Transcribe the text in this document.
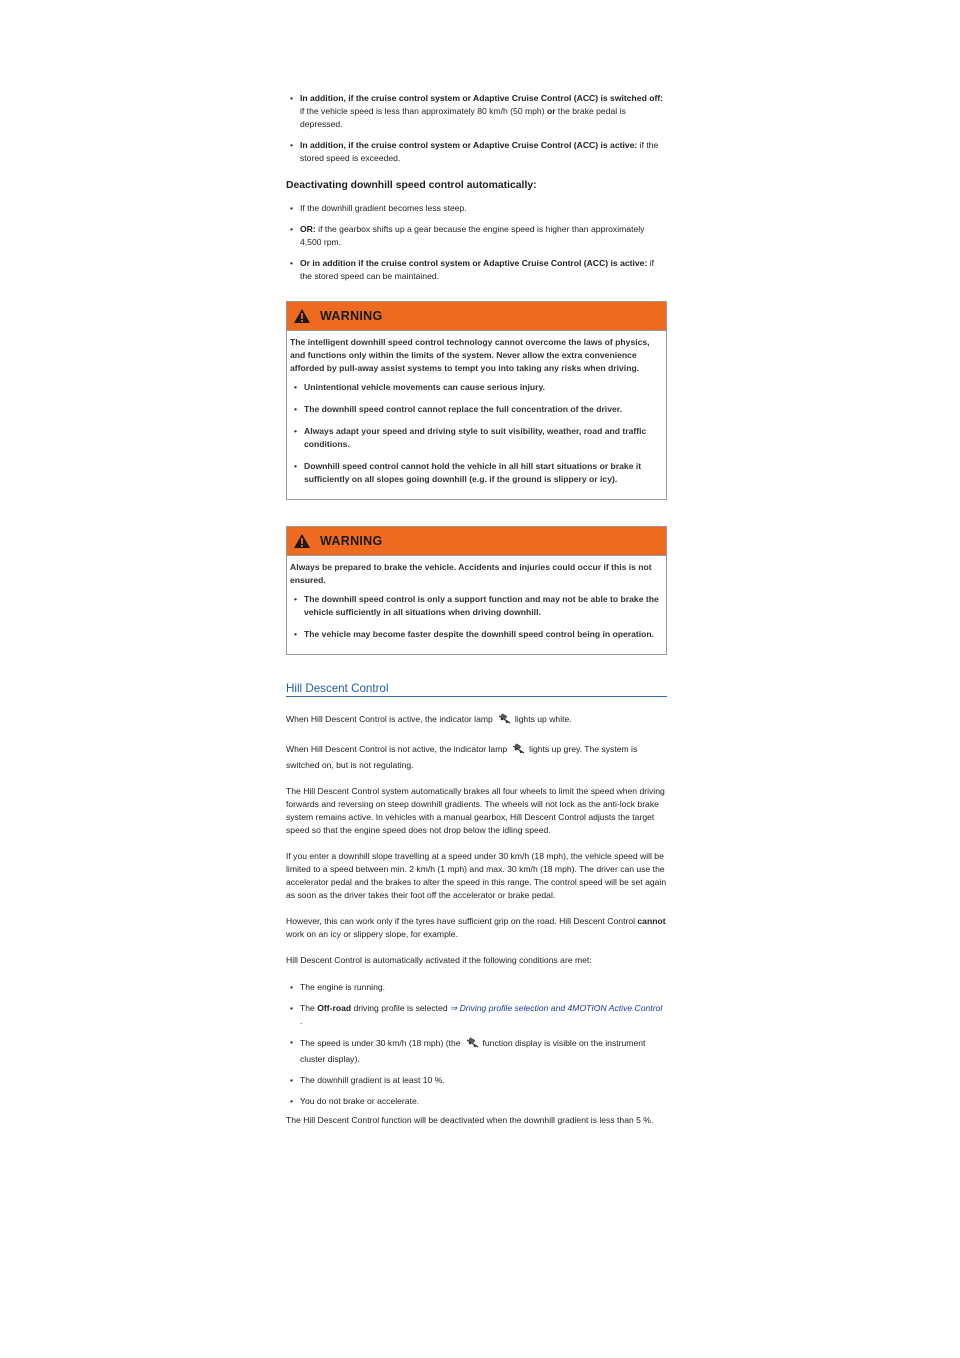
• In addition, if the cruise control system or Adaptive Cruise Control (ACC) is switched off: if the vehicle speed is less than approximately 80 km/h (50 mph) or the brake pedal is depressed.
• In addition, if the cruise control system or Adaptive Cruise Control (ACC) is active: if the stored speed is exceeded.
Deactivating downhill speed control automatically:
• If the downhill gradient becomes less steep.
• OR: if the gearbox shifts up a gear because the engine speed is higher than approximately 4,500 rpm.
• Or in addition if the cruise control system or Adaptive Cruise Control (ACC) is active: if the stored speed can be maintained.
WARNING

The intelligent downhill speed control technology cannot overcome the laws of physics, and functions only within the limits of the system. Never allow the extra convenience afforded by pull-away assist systems to tempt you into taking any risks when driving.

• Unintentional vehicle movements can cause serious injury.
• The downhill speed control cannot replace the full concentration of the driver.
• Always adapt your speed and driving style to suit visibility, weather, road and traffic conditions.
• Downhill speed control cannot hold the vehicle in all hill start situations or brake it sufficiently on all slopes going downhill (e.g. if the ground is slippery or icy).
WARNING

Always be prepared to brake the vehicle. Accidents and injuries could occur if this is not ensured.

• The downhill speed control is only a support function and may not be able to brake the vehicle sufficiently in all situations when driving downhill.
• The vehicle may become faster despite the downhill speed control being in operation.
Hill Descent Control

When Hill Descent Control is active, the indicator lamp	lights up white.

When Hill Descent Control is not active, the indicator lamp	lights up grey. The system is switched on, but is not regulating.

The Hill Descent Control system automatically brakes all four wheels to limit the speed when driving forwards and reversing on steep downhill gradients. The wheels will not lock as the anti-lock brake system remains active. In vehicles with a manual gearbox, Hill Descent Control adjusts the target speed so that the engine speed does not drop below the idling speed.

If you enter a downhill slope travelling at a speed under 30 km/h (18 mph), the vehicle speed will be limited to a speed between min. 2 km/h (1 mph) and max. 30 km/h (18 mph). The driver can use the accelerator pedal and the brakes to alter the speed in this range. The control speed will be set again as soon as the driver takes their foot off the accelerator or brake pedal.

However, this can work only if the tyres have sufficient grip on the road. Hill Descent Control cannot work on an icy or slippery slope, for example.

Hill Descent Control is automatically activated if the following conditions are met:

• The engine is running.
• The Off-road driving profile is selected ⇒ Driving profile selection and 4MOTION Active Control .
• The speed is under 30 km/h (18 mph) (the	function display is visible on the instrument cluster display).
• The downhill gradient is at least 10 %.
• You do not brake or accelerate.

The Hill Descent Control function will be deactivated when the downhill gradient is less than 5 %.
